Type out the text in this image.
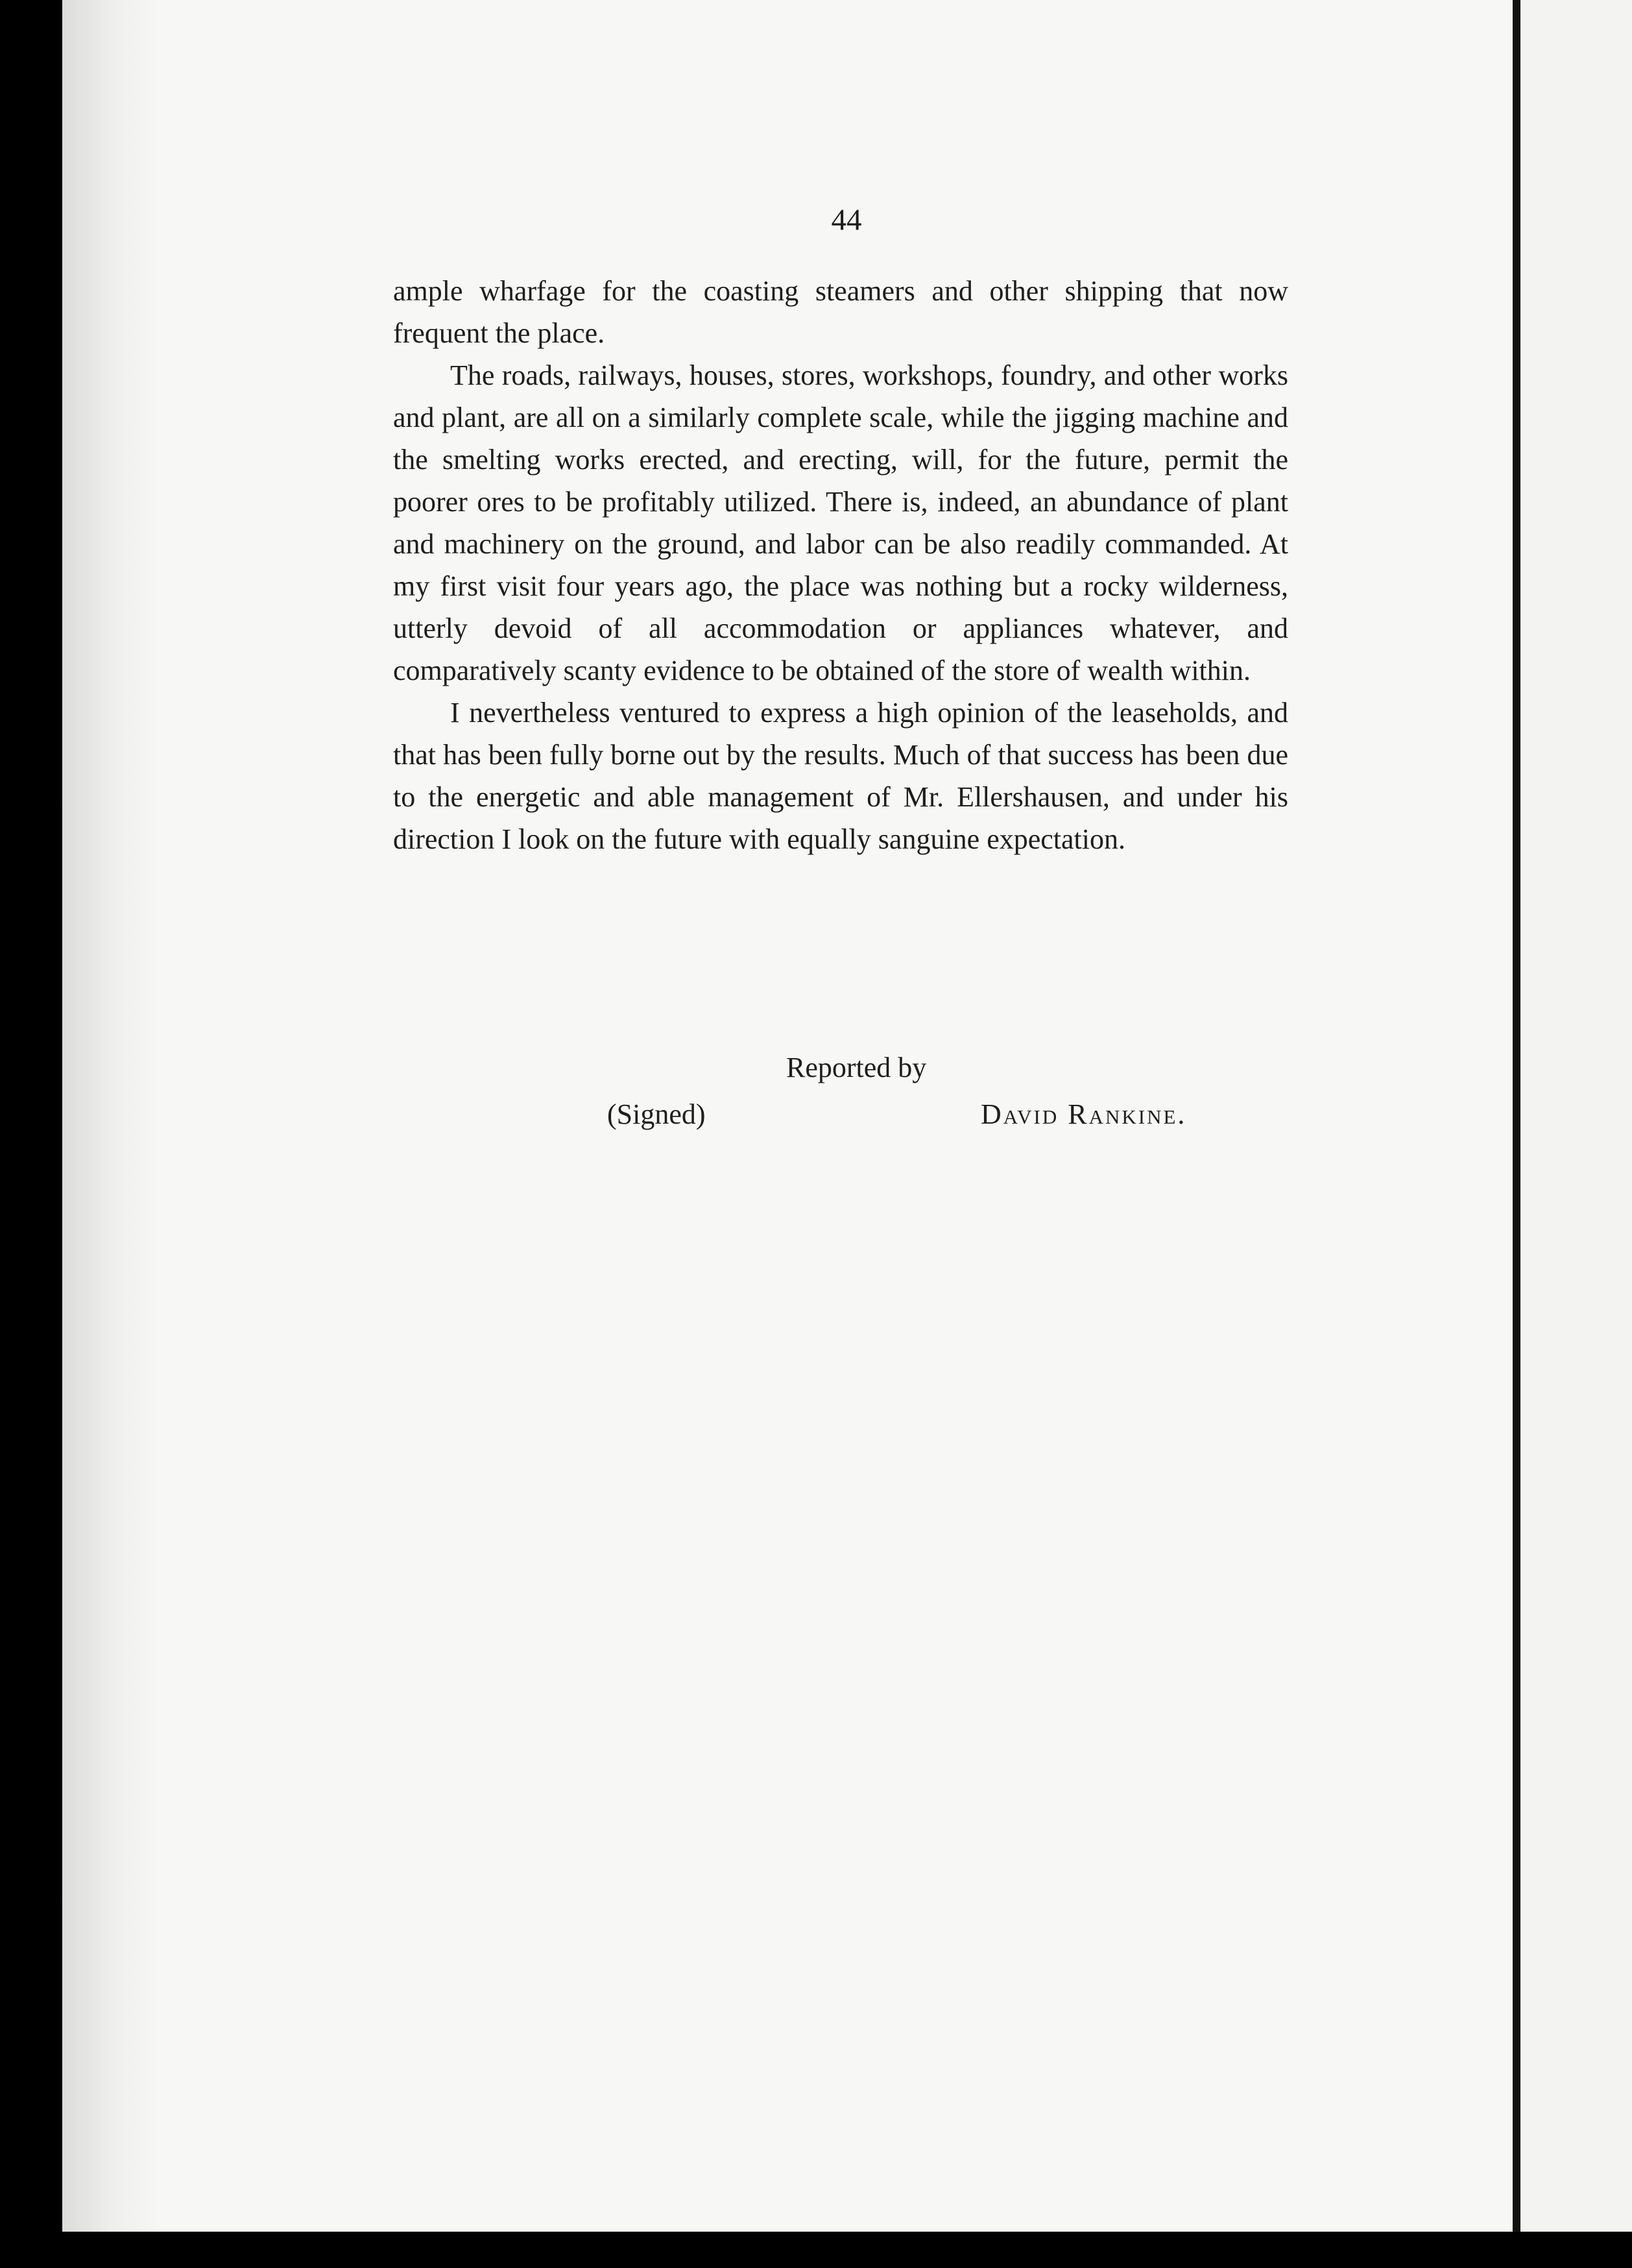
44

ample wharfage for the coasting steamers and other shipping that now frequent the place.

The roads, railways, houses, stores, workshops, foundry, and other works and plant, are all on a similarly complete scale, while the jigging machine and the smelting works erected, and erecting, will, for the future, permit the poorer ores to be profitably utilized. There is, indeed, an abundance of plant and machinery on the ground, and labor can be also readily commanded. At my first visit four years ago, the place was nothing but a rocky wilderness, utterly devoid of all accommodation or appliances whatever, and comparatively scanty evidence to be obtained of the store of wealth within.

I nevertheless ventured to express a high opinion of the leaseholds, and that has been fully borne out by the results. Much of that success has been due to the energetic and able management of Mr. Ellershausen, and under his direction I look on the future with equally sanguine expectation.

Reported by
(Signed)	David Rankine.
